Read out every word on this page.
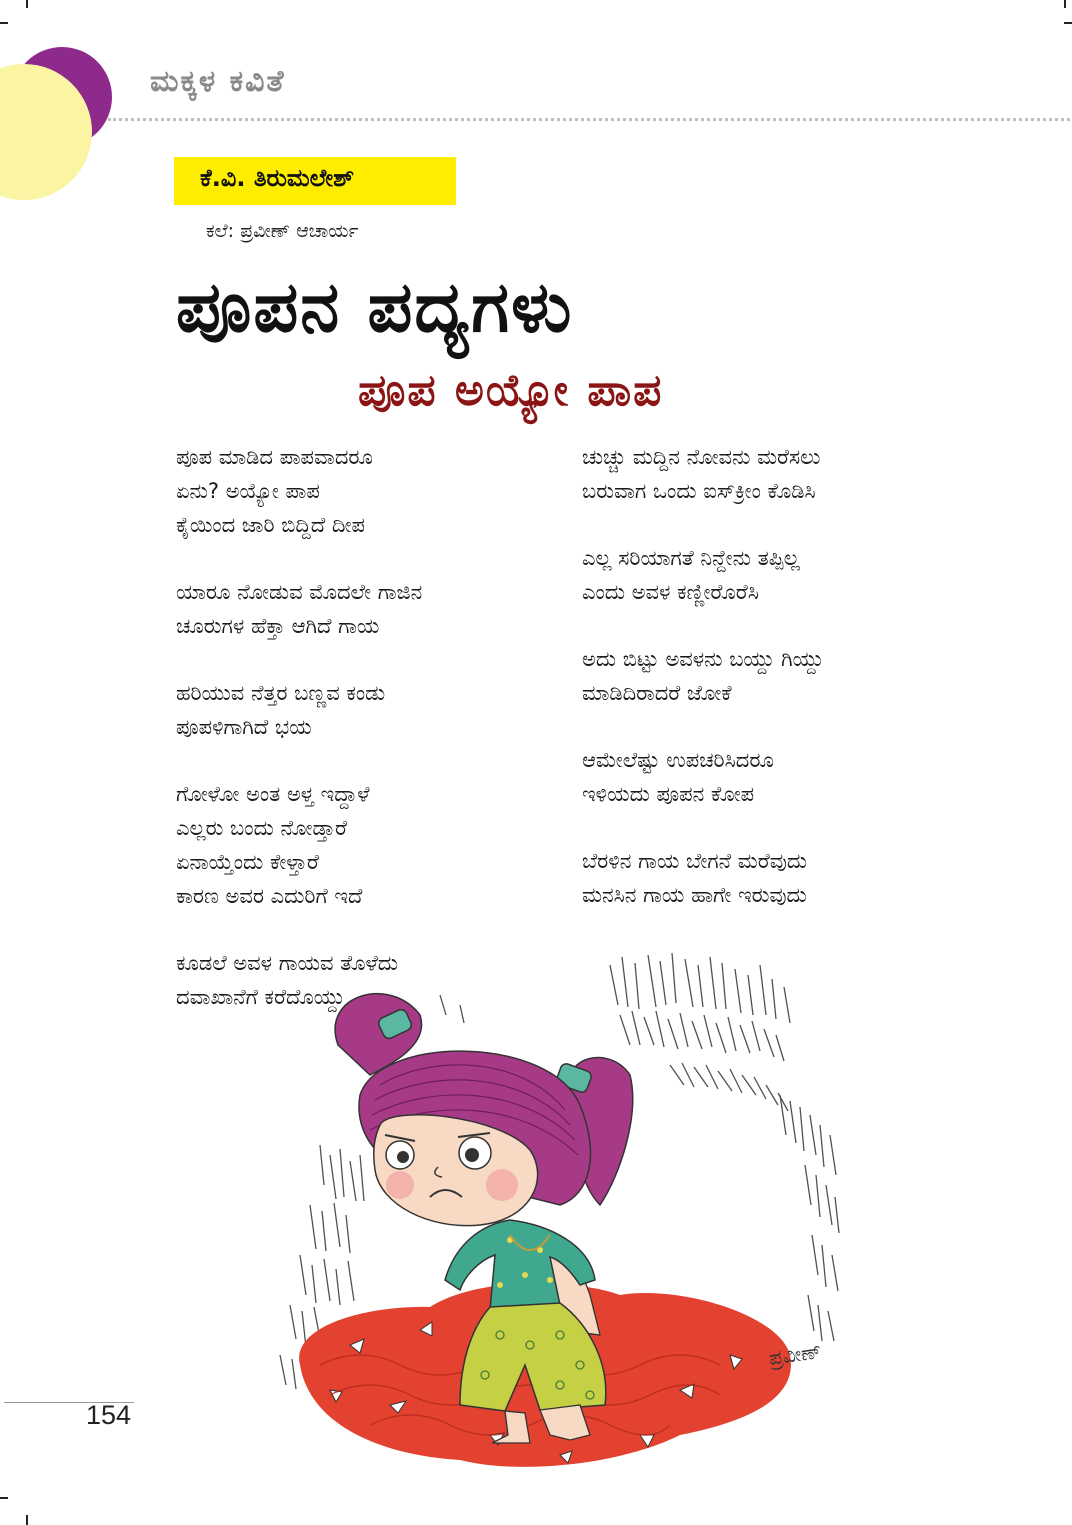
ಮಕ್ಕಳ ಕವಿತೆ
ಕೆ.ವಿ. ತಿರುಮಲೇಶ್
ಕಲೆ: ಪ್ರವೀಣ್ ಆಚಾರ್ಯ
ಪೂಪನ ಪದ್ಯಗಳು
ಪೂಪ ಅಯ್ಯೋ ಪಾಪ
ಪೂಪ ಮಾಡಿದ ಪಾಪವಾದರೂ
ಏನು? ಅಯ್ಯೋ ಪಾಪ
ಕೈಯಿಂದ ಜಾರಿ ಬಿದ್ದಿದೆ ದೀಪ
ಯಾರೂ ನೋಡುವ ಮೊದಲೇ ಗಾಜಿನ
ಚೂರುಗಳ ಹೆಕ್ತಾ ಆಗಿದೆ ಗಾಯ
ಹರಿಯುವ ನೆತ್ತರ ಬಣ್ಣವ ಕಂಡು
ಪೂಪಳಿಗಾಗಿದೆ ಭಯ
ಗೋಳೋ ಅಂತ ಅಳ್ತ ಇದ್ದಾಳೆ
ಎಲ್ಲರು ಬಂದು ನೋಡ್ತಾರೆ
ಏನಾಯ್ತೆಂದು ಕೇಳ್ತಾರೆ
ಕಾರಣ ಅವರ ಎದುರಿಗೆ ಇದೆ
ಕೂಡಲೆ ಅವಳ ಗಾಯವ ತೊಳೆದು
ದವಾಖಾನೆಗೆ ಕರೆದೊಯ್ದು
ಚುಚ್ಚು ಮದ್ದಿನ ನೋವನು ಮರೆಸಲು
ಬರುವಾಗ ಒಂದು ಐಸ್‌ಕ್ರೀಂ ಕೊಡಿಸಿ
ಎಲ್ಲ ಸರಿಯಾಗತೆ ನಿನ್ದೇನು ತಪ್ಪಿಲ್ಲ
ಎಂದು ಅವಳ ಕಣ್ಣೀರೊರೆಸಿ
ಅದು ಬಿಟ್ಟು ಅವಳನು ಬಯ್ದು ಗಿಯ್ದು
ಮಾಡಿದಿರಾದರೆ ಜೋಕೆ
ಆಮೇಲೆಷ್ಟು ಉಪಚರಿಸಿದರೂ
ಇಳಿಯದು ಪೂಪನ ಕೋಪ
ಬೆರಳಿನ ಗಾಯ ಬೇಗನೆ ಮರೆವುದು
ಮನಸಿನ ಗಾಯ ಹಾಗೇ ಇರುವುದು
ಪ್ರವೀಣ್
154
